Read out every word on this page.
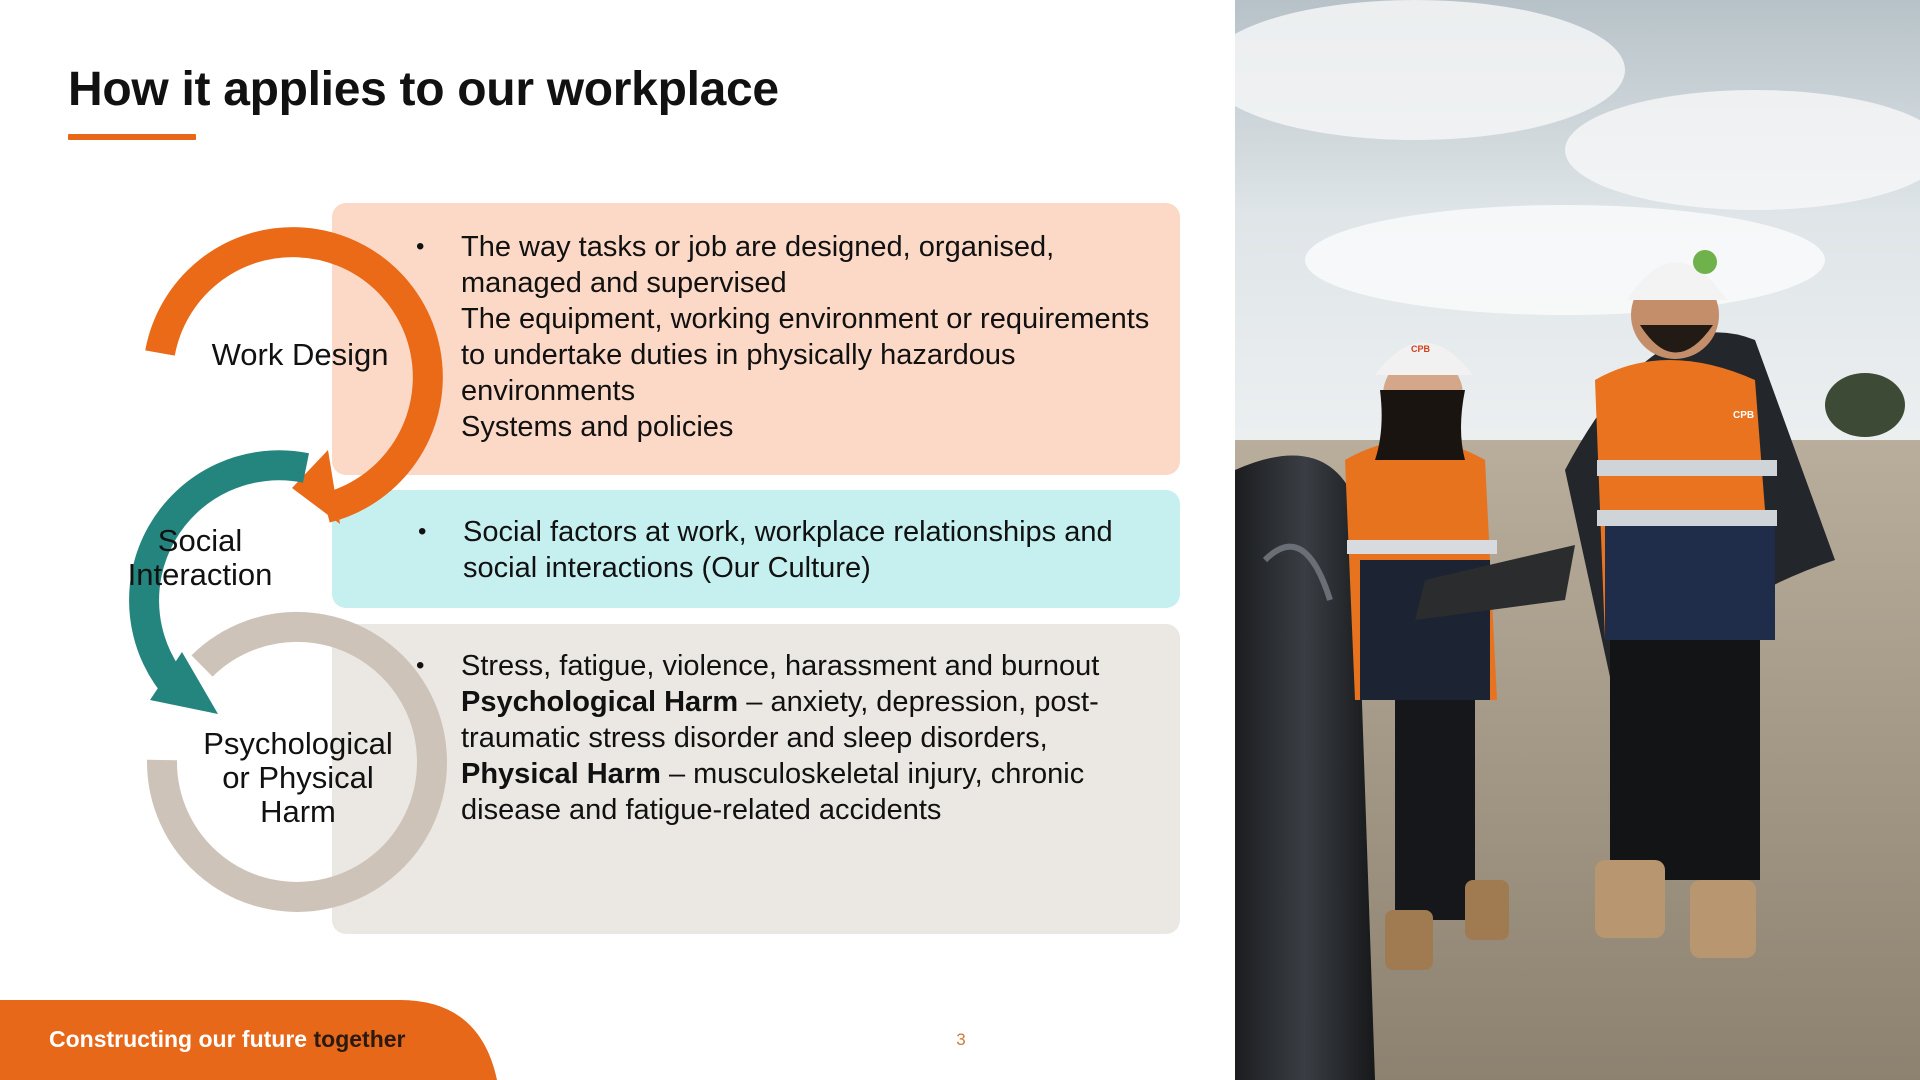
How it applies to our workplace
• The way tasks or job are designed, organised, managed and supervised
• The equipment, working environment or requirements to undertake duties in physically hazardous environments
• Systems and policies
• Social factors at work, workplace relationships and social interactions (Our Culture)
• Stress, fatigue, violence, harassment and burnout
• Psychological Harm – anxiety, depression, post-traumatic stress disorder and sleep disorders,
• Physical Harm – musculoskeletal injury, chronic disease and fatigue-related accidents
Work Design
Social
Interaction
Psychological
or Physical
Harm
CPB
CPB
Constructing our future together	3
